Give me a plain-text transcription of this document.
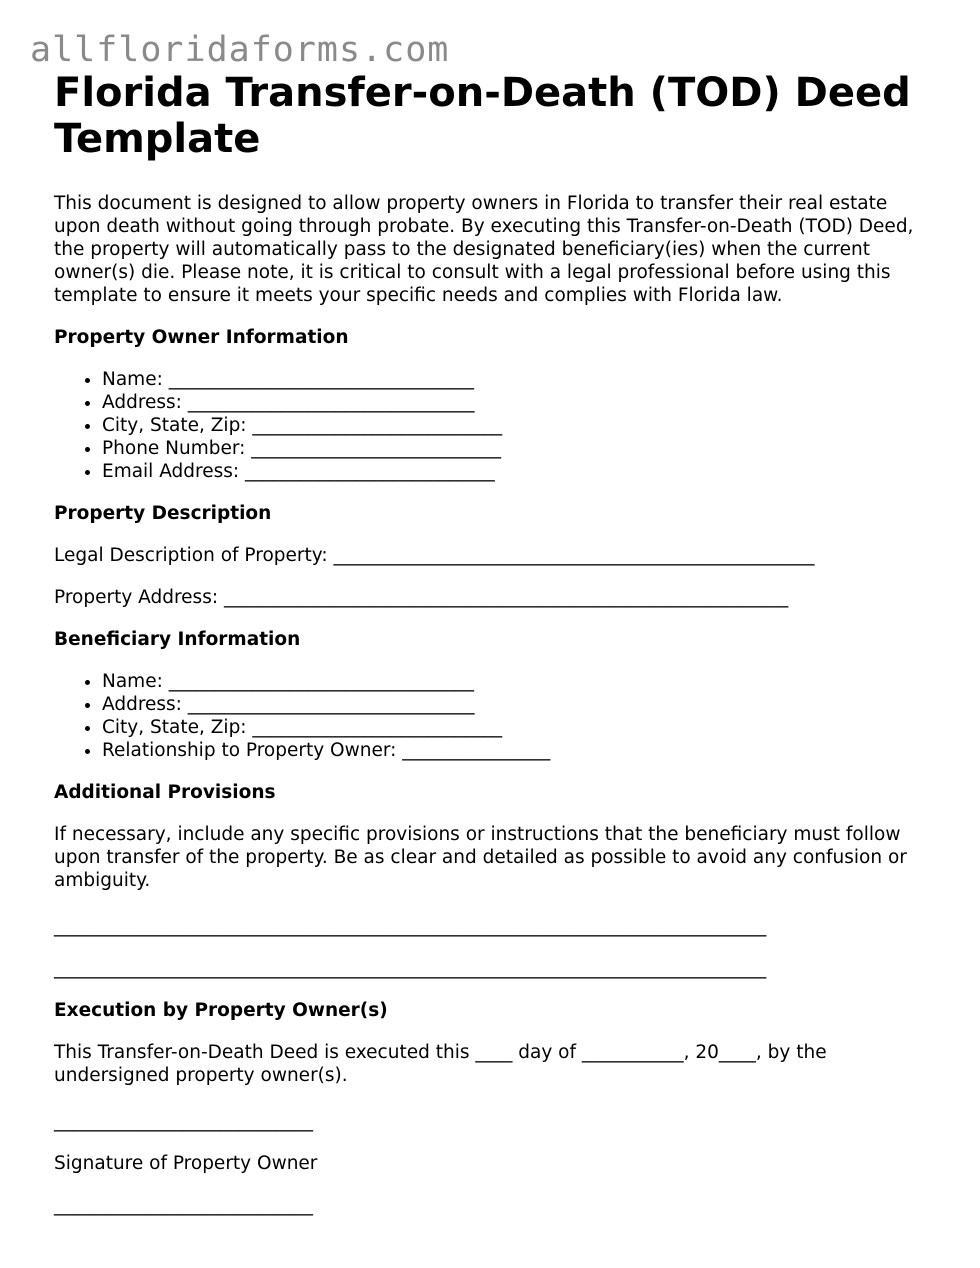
allfloridaforms.com
Florida Transfer-on-Death (TOD) Deed Template

This document is designed to allow property owners in Florida to transfer their real estate upon death without going through probate. By executing this Transfer-on-Death (TOD) Deed, the property will automatically pass to the designated beneficiary(ies) when the current owner(s) die. Please note, it is critical to consult with a legal professional before using this template to ensure it meets your specific needs and complies with Florida law.

Property Owner Information
• Name: _________________________________
• Address: _______________________________
• City, State, Zip: ___________________________
• Phone Number: ___________________________
• Email Address: ___________________________
Property Description

Legal Description of Property: ____________________________________________________

Property Address: _____________________________________________________________

Beneficiary Information
• Name: _________________________________
• Address: _______________________________
• City, State, Zip: ___________________________
• Relationship to Property Owner: ________________
Additional Provisions

If necessary, include any specific provisions or instructions that the beneficiary must follow upon transfer of the property. Be as clear and detailed as possible to avoid any confusion or ambiguity.

_____________________________________________________________________________

_____________________________________________________________________________

Execution by Property Owner(s)

This Transfer-on-Death Deed is executed this ____ day of ___________, 20____, by the undersigned property owner(s).

____________________________

Signature of Property Owner

____________________________
